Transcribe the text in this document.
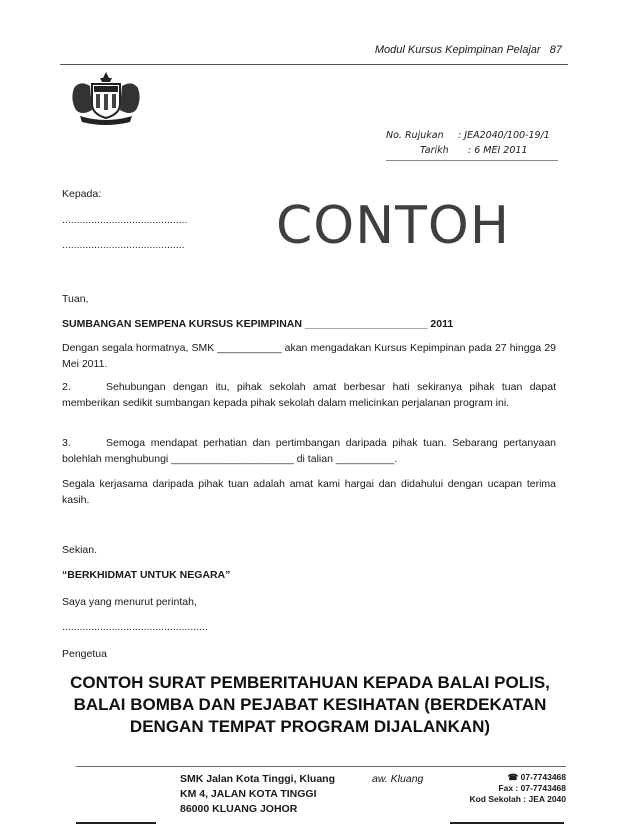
Modul Kursus Kepimpinan Pelajar 87
No. Rujukan : JEA2040/100-19/1
Tarikh : 6 MEI 2011
Kepada:
...........................................
..........................................	CONTOH
Tuan,
SUMBANGAN SEMPENA KURSUS KEPIMPINAN _____________________ 2011
Dengan segala hormatnya, SMK ___________ akan mengadakan Kursus Kepimpinan pada 27 hingga 29 Mei 2011.
2.	Sehubungan dengan itu, pihak sekolah amat berbesar hati sekiranya pihak tuan dapat memberikan sedikit sumbangan kepada pihak sekolah dalam melicinkan perjalanan program ini.
3.	Semoga mendapat perhatian dan pertimbangan daripada pihak tuan. Sebarang pertanyaan bolehlah menghubungi _____________________ di talian __________.
Segala kerjasama daripada pihak tuan adalah amat kami hargai dan didahului dengan ucapan terima kasih.
Sekian.
“BERKHIDMAT UNTUK NEGARA”
Saya yang menurut perintah,
..................................................
Pengetua
CONTOH SURAT PEMBERITAHUAN KEPADA BALAI POLIS, BALAI BOMBA DAN PEJABAT KESIHATAN (BERDEKATAN DENGAN TEMPAT PROGRAM DIJALANKAN)
SMK Jalan Kota Tinggi, Kluang
KM 4, JALAN KOTA TINGGI
86000 KLUANG JOHOR
aw. Kluang	☎ 07-7743468
Fax : 07-7743468
Kod Sekolah : JEA 2040
